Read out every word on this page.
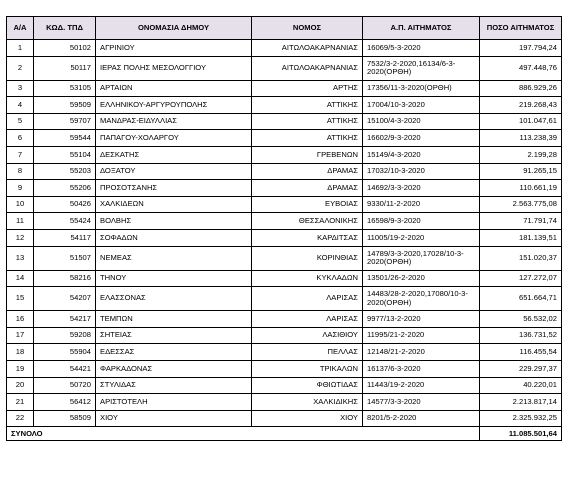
Α/Α	ΚΩΔ. ΤΠΔ	ΟΝΟΜΑΣΙΑ ΔΗΜΟΥ	ΝΟΜΟΣ	Α.Π. ΑΙΤΗΜΑΤΟΣ	ΠΟΣΟ ΑΙΤΗΜΑΤΟΣ
1	50102	ΑΓΡΙΝΙΟΥ	ΑΙΤΩΛΟΑΚΑΡΝΑΝΙΑΣ	16069/5-3-2020	197.794,24
2	50117	ΙΕΡΑΣ ΠΟΛΗΣ ΜΕΣΟΛΟΓΓΙΟΥ	ΑΙΤΩΛΟΑΚΑΡΝΑΝΙΑΣ	7532/3-2-2020,16134/6-3-2020(ΟΡΘΗ)	497.448,76
3	53105	ΑΡΤΑΙΩΝ	ΑΡΤΗΣ	17356/11-3-2020(ΟΡΘΗ)	886.929,26
4	59509	ΕΛΛΗΝΙΚΟΥ-ΑΡΓΥΡΟΥΠΟΛΗΣ	ΑΤΤΙΚΗΣ	17004/10-3-2020	219.268,43
5	59707	ΜΑΝΔΡΑΣ-ΕΙΔΥΛΛΙΑΣ	ΑΤΤΙΚΗΣ	15100/4-3-2020	101.047,61
6	59544	ΠΑΠΑΓΟΥ-ΧΟΛΑΡΓΟΥ	ΑΤΤΙΚΗΣ	16602/9-3-2020	113.238,39
7	55104	ΔΕΣΚΑΤΗΣ	ΓΡΕΒΕΝΩΝ	15149/4-3-2020	2.199,28
8	55203	ΔΟΞΑΤΟΥ	ΔΡΑΜΑΣ	17032/10-3-2020	91.265,15
9	55206	ΠΡΟΣΟΤΣΑΝΗΣ	ΔΡΑΜΑΣ	14692/3-3-2020	110.661,19
10	50426	ΧΑΛΚΙΔΕΩΝ	ΕΥΒΟΙΑΣ	9330/11-2-2020	2.563.775,08
11	55424	ΒΟΛΒΗΣ	ΘΕΣΣΑΛΟΝΙΚΗΣ	16598/9-3-2020	71.791,74
12	54117	ΣΟΦΑΔΩΝ	ΚΑΡΔΙΤΣΑΣ	11005/19-2-2020	181.139,51
13	51507	ΝΕΜΕΑΣ	ΚΟΡΙΝΘΙΑΣ	14789/3-3-2020,17028/10-3-2020(ΟΡΘΗ)	151.020,37
14	58216	ΤΗΝΟΥ	ΚΥΚΛΑΔΩΝ	13501/26-2-2020	127.272,07
15	54207	ΕΛΑΣΣΟΝΑΣ	ΛΑΡΙΣΑΣ	14483/28-2-2020,17080/10-3-2020(ΟΡΘΗ)	651.664,71
16	54217	ΤΕΜΠΩΝ	ΛΑΡΙΣΑΣ	9977/13-2-2020	56.532,02
17	59208	ΣΗΤΕΙΑΣ	ΛΑΣΙΘΙΟΥ	11995/21-2-2020	136.731,52
18	55904	ΕΔΕΣΣΑΣ	ΠΕΛΛΑΣ	12148/21-2-2020	116.455,54
19	54421	ΦΑΡΚΑΔΟΝΑΣ	ΤΡΙΚΑΛΩΝ	16137/6-3-2020	229.297,37
20	50720	ΣΤΥΛΙΔΑΣ	ΦΘΙΩΤΙΔΑΣ	11443/19-2-2020	40.220,01
21	56412	ΑΡΙΣΤΟΤΕΛΗ	ΧΑΛΚΙΔΙΚΗΣ	14577/3-3-2020	2.213.817,14
22	58509	ΧΙΟΥ	ΧΙΟΥ	8201/5-2-2020	2.325.932,25
ΣΥΝΟΛΟ					11.085.501,64
